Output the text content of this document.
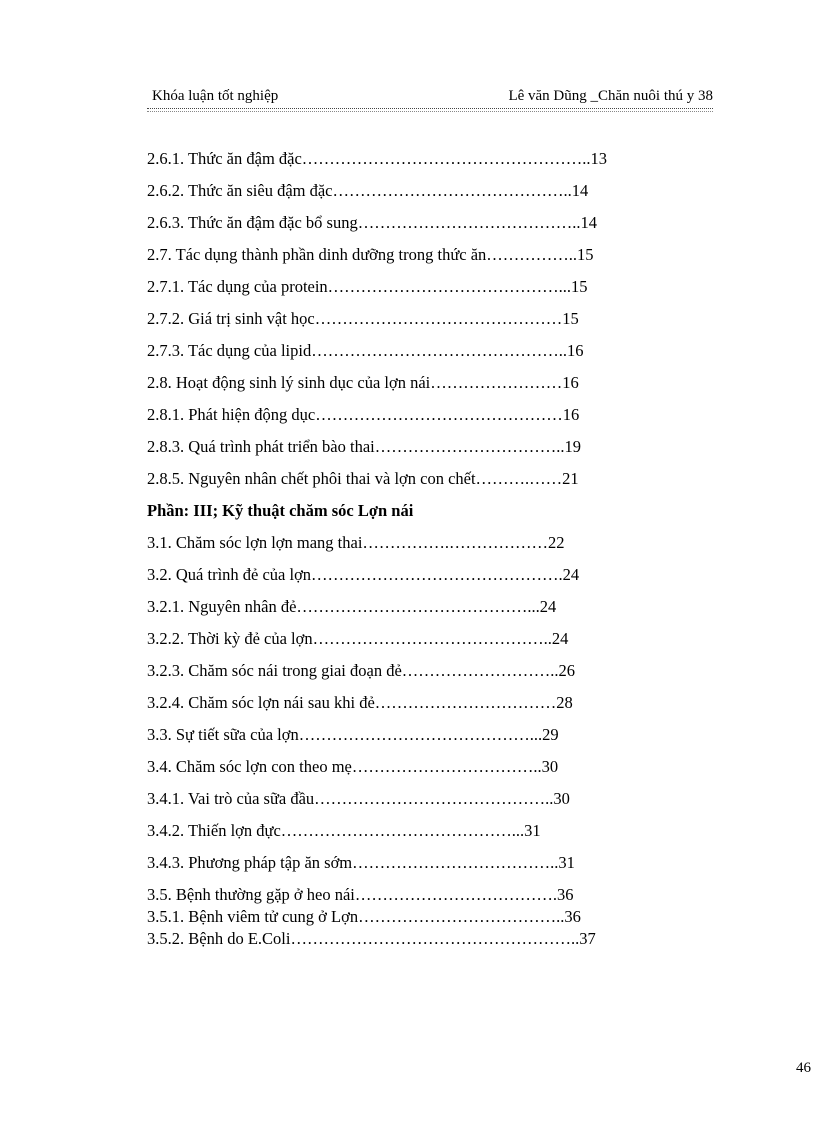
Khóa luận tốt nghiệp	Lê văn Dũng _Chăn nuôi thú y 38
2.6.1. Thức ăn đậm đặc……………………………………………..13
2.6.2. Thức ăn siêu đậm đặc……………………………………..14
2.6.3. Thức ăn đậm đặc bổ sung…………………………………..14
2.7. Tác dụng thành phần dinh dưỡng trong thức ăn……………..15
2.7.1. Tác dụng của protein……………………………………...15
2.7.2. Giá trị sinh vật học………………………………………15
2.7.3. Tác dụng của lipid………………………………………..16
2.8. Hoạt động sinh lý sinh dục của lợn nái……………………16
2.8.1. Phát hiện động dục………………………………………16
2.8.3. Quá trình phát triển bào thai……………………………..19
2.8.5. Nguyên nhân chết phôi thai và lợn con chết……….……21
Phần: III; Kỹ thuật chăm sóc Lợn nái
3.1. Chăm sóc lợn lợn mang thai…………….………………22
3.2. Quá trình đẻ của lợn……………………………………….24
3.2.1. Nguyên nhân đẻ……………………………………...24
3.2.2. Thời kỳ đẻ của lợn……………………………………..24
3.2.3. Chăm sóc nái trong giai đoạn đẻ………………………..26
3.2.4. Chăm sóc lợn nái sau khi đẻ……………………………28
3.3. Sự tiết sữa của lợn……………………………………...29
3.4. Chăm sóc lợn con theo mẹ……………………………..30
3.4.1. Vai trò của sữa đầu……………………………………..30
3.4.2. Thiến lợn đực……………………………………...31
3.4.3. Phương pháp tập ăn sớm………………………………..31
3.5. Bệnh thường gặp ở heo nái……………………………….36
3.5.1. Bệnh viêm tử cung ở Lợn………………………………..36
3.5.2. Bệnh do E.Coli……………………………………………..37
46
